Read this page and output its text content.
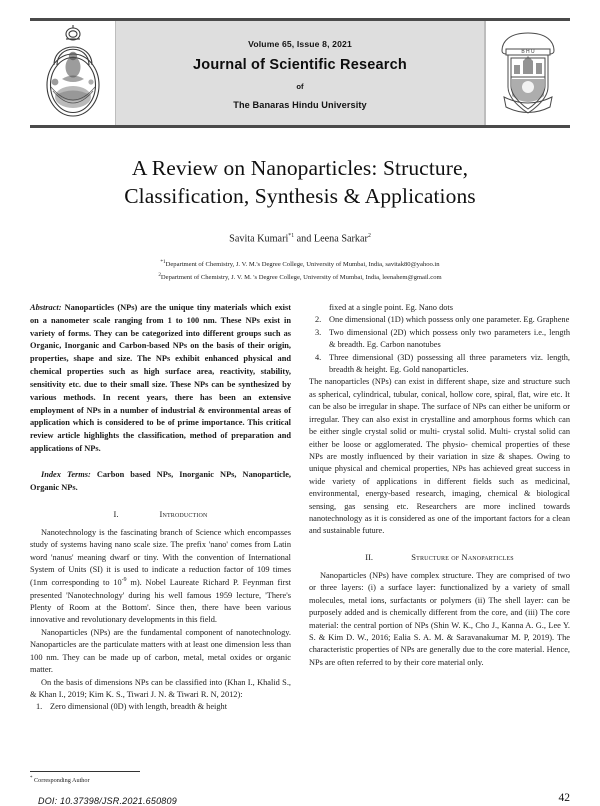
Volume 65, Issue 8, 2021
Journal of Scientific Research
of
The Banaras Hindu University
B H U
A Review on Nanoparticles: Structure,
Classification, Synthesis & Applications
Savita Kumari$^{*1}$ and Leena Sarkar$^2$
$^{*1}$Department of Chemistry, J. V. M.'s Degree College, University of Mumbai, India, savitak80@yahoo.in
$^2$Department of Chemistry, J. V. M. 's Degree College, University of Mumbai, India, leenahem@gmail.com

Abstract: Nanoparticles (NPs) are the unique tiny materials which exist on a nanometer scale ranging from 1 to 100 nm. These NPs exist in variety of forms. They can be categorized into different groups such as Organic, Inorganic and Carbon-based NPs on the basis of their origin, properties, shape and size. The NPs exhibit enhanced physical and chemical properties such as high surface area, reactivity, stability, sensitivity etc. due to their small size. These NPs can be synthesized by various methods. In recent years, there has been an extensive employment of NPs in a number of industrial & environmental areas of application which is considered to be of prime importance. This critical review article highlights the classification, method of preparation and applications of NPs.

Index Terms: Carbon based NPs, Inorganic NPs, Nanoparticle, Organic NPs.

I.	Introduction

Nanotechnology is the fascinating branch of Science which encompasses study of systems having nano scale size. The prefix 'nano' comes from Latin word 'nanus' meaning dwarf or tiny. With the convention of International System of Units (SI) it is used to indicate a reduction factor of 109 times (1nm corresponding to $10^{-9}$ m). Nobel Laureate Richard P. Feynman first presented 'Nanotechnology' during his well famous 1959 lecture, 'There's Plenty of Room at the Bottom'. Since then, there have been various innovative and revolutionary developments in this field.

Nanoparticles (NPs) are the fundamental component of nanotechnology. Nanoparticles are the particulate matters with at least one dimension less than 100 nm. They can be made up of carbon, metal, metal oxides or organic matter.

On the basis of dimensions NPs can be classified into (Khan I., Khalid S., & Khan I., 2019; Kim K. S., Tiwari J. N. & Tiwari R. N, 2012):

1. Zero dimensional (0D) with length, breadth & height
* Corresponding Author
DOI: 10.37398/JSR.2021.650809
fixed at a single point. Eg. Nano dots
2. One dimensional (1D) which possess only one parameter. Eg. Graphene
3. Two dimensional (2D) which possess only two parameters i.e., length & breadth. Eg. Carbon nanotubes
4. Three dimensional (3D) possessing all three parameters viz. length, breadth & height. Eg. Gold nanoparticles.

The nanoparticles (NPs) can exist in different shape, size and structure such as spherical, cylindrical, tubular, conical, hollow core, spiral, flat, wire etc. It can be also be irregular in shape. The surface of NPs can either be uniform or irregular. They can also exist in crystalline and amorphous forms which can be either single crystal solid or multi- crystal solid. Multi- crystal solid can either be loose or agglomerated. The physio- chemical properties of these NPs are mostly influenced by their variation in size & shapes. Owing to unique physical and chemical properties, NPs has achieved great success in wide variety of applications in different fields such as medicinal, environmental, energy-based research, imaging, chemical & biological sensing, gas sensing etc. Researchers are more inclined towards nanotechnology as it is considered as one of the important factors for a clean and sustainable future.

II.	Structure of Nanoparticles

Nanoparticles (NPs) have complex structure. They are comprised of two or three layers: (i) a surface layer: functionalized by a variety of small molecules, metal ions, surfactants or polymers (ii) The shell layer: can be purposely added and is chemically different from the core, and (iii) The core material: the central portion of NPs (Shin W. K., Cho J., Kanna A. G., Lee Y. S. & Kim D. W., 2016; Ealia S. A. M. & Saravanakumar M. P, 2019). The characteristic properties of NPs are generally due to the core material. Hence, NPs are often referred to by their core material only.

42
